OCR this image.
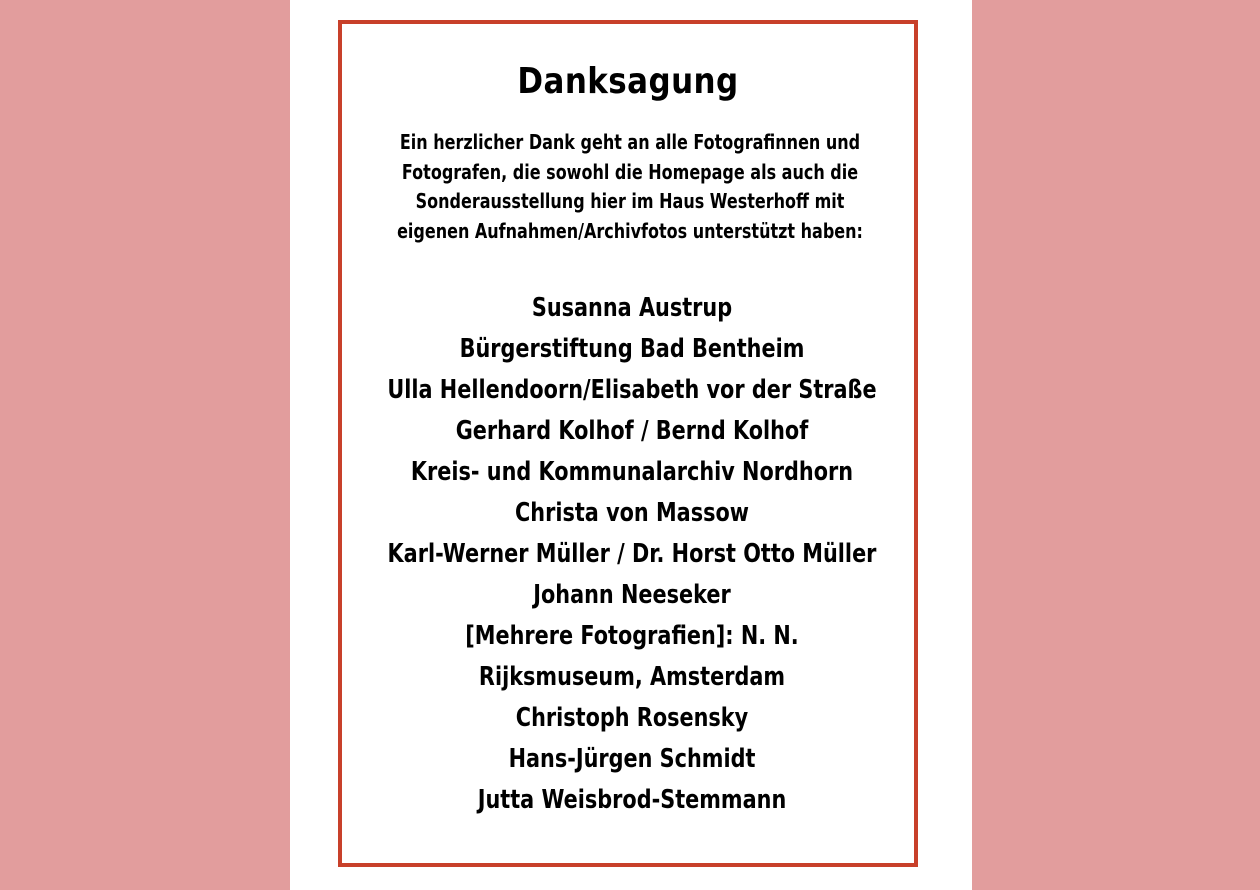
Danksagung
Ein herzlicher Dank geht an alle Fotografinnen und
Fotografen, die sowohl die Homepage als auch die
Sonderausstellung hier im Haus Westerhoff mit
eigenen Aufnahmen/Archivfotos unterstützt haben:
Susanna Austrup
Bürgerstiftung Bad Bentheim
Ulla Hellendoorn/Elisabeth vor der Straße
Gerhard Kolhof / Bernd Kolhof
Kreis- und Kommunalarchiv Nordhorn
Christa von Massow
Karl-Werner Müller / Dr. Horst Otto Müller
Johann Neeseker
[Mehrere Fotografien]: N. N.
Rijksmuseum, Amsterdam
Christoph Rosensky
Hans-Jürgen Schmidt
Jutta Weisbrod-Stemmann
